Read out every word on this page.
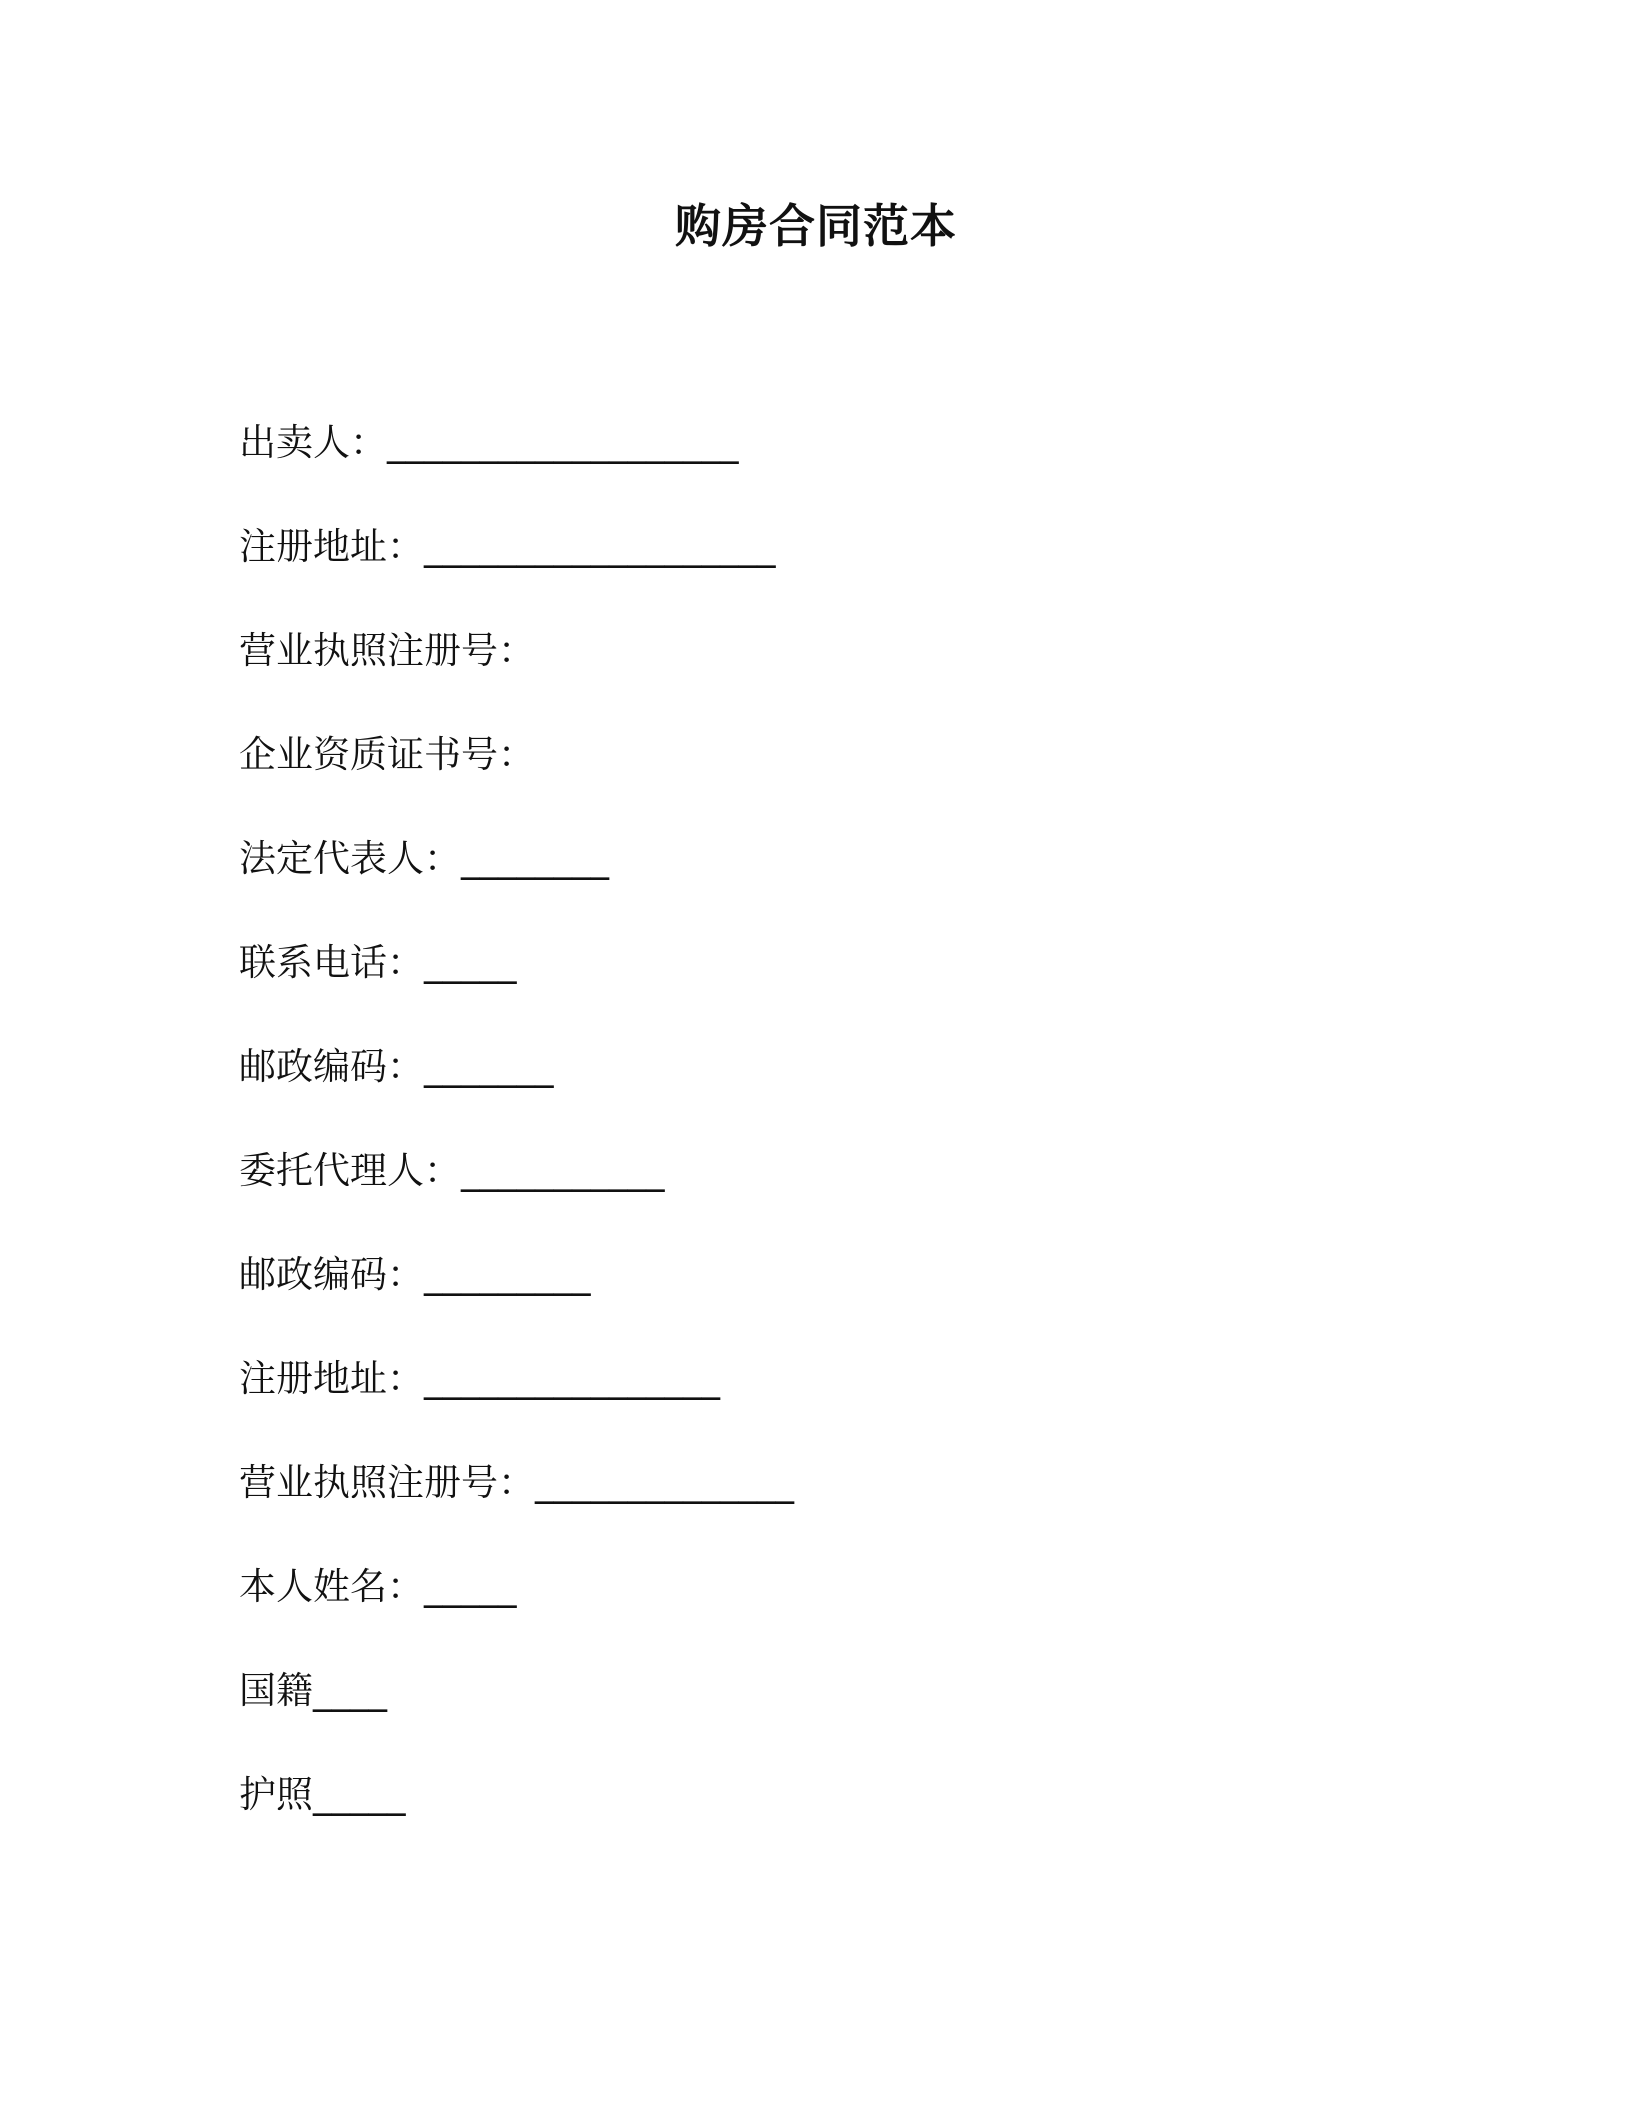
购房合同范本
出卖人： ___________________
注册地址： ___________________
营业执照注册号：
企业资质证书号：
法定代表人： ________
联系电话： _____
邮政编码： _______
委托代理人： ___________
邮政编码： _________
注册地址： ________________
营业执照注册号： ______________
本人姓名： _____
国籍 ____
护照 _____
